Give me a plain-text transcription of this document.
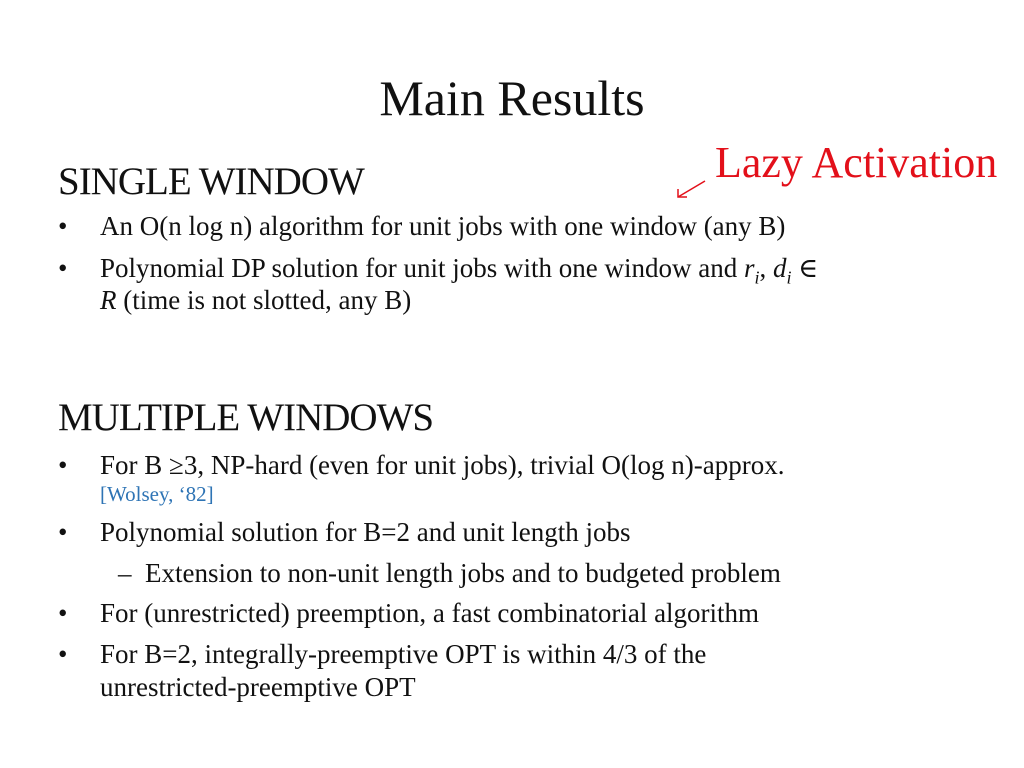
Main Results
Lazy Activation
SINGLE WINDOW
• An O(n log n) algorithm for unit jobs with one window (any B)
• Polynomial DP solution for unit jobs with one window and $r_i$, $d_i$ ∈
R (time is not slotted, any B)
MULTIPLE WINDOWS
• For B ≥3, NP-hard (even for unit jobs), trivial O(log n)-approx.
[Wolsey, ‘82]
• Polynomial solution for B=2 and unit length jobs
– Extension to non-unit length jobs and to budgeted problem
• For (unrestricted) preemption, a fast combinatorial algorithm
• For B=2, integrally-preemptive OPT is within 4/3 of the
unrestricted-preemptive OPT
